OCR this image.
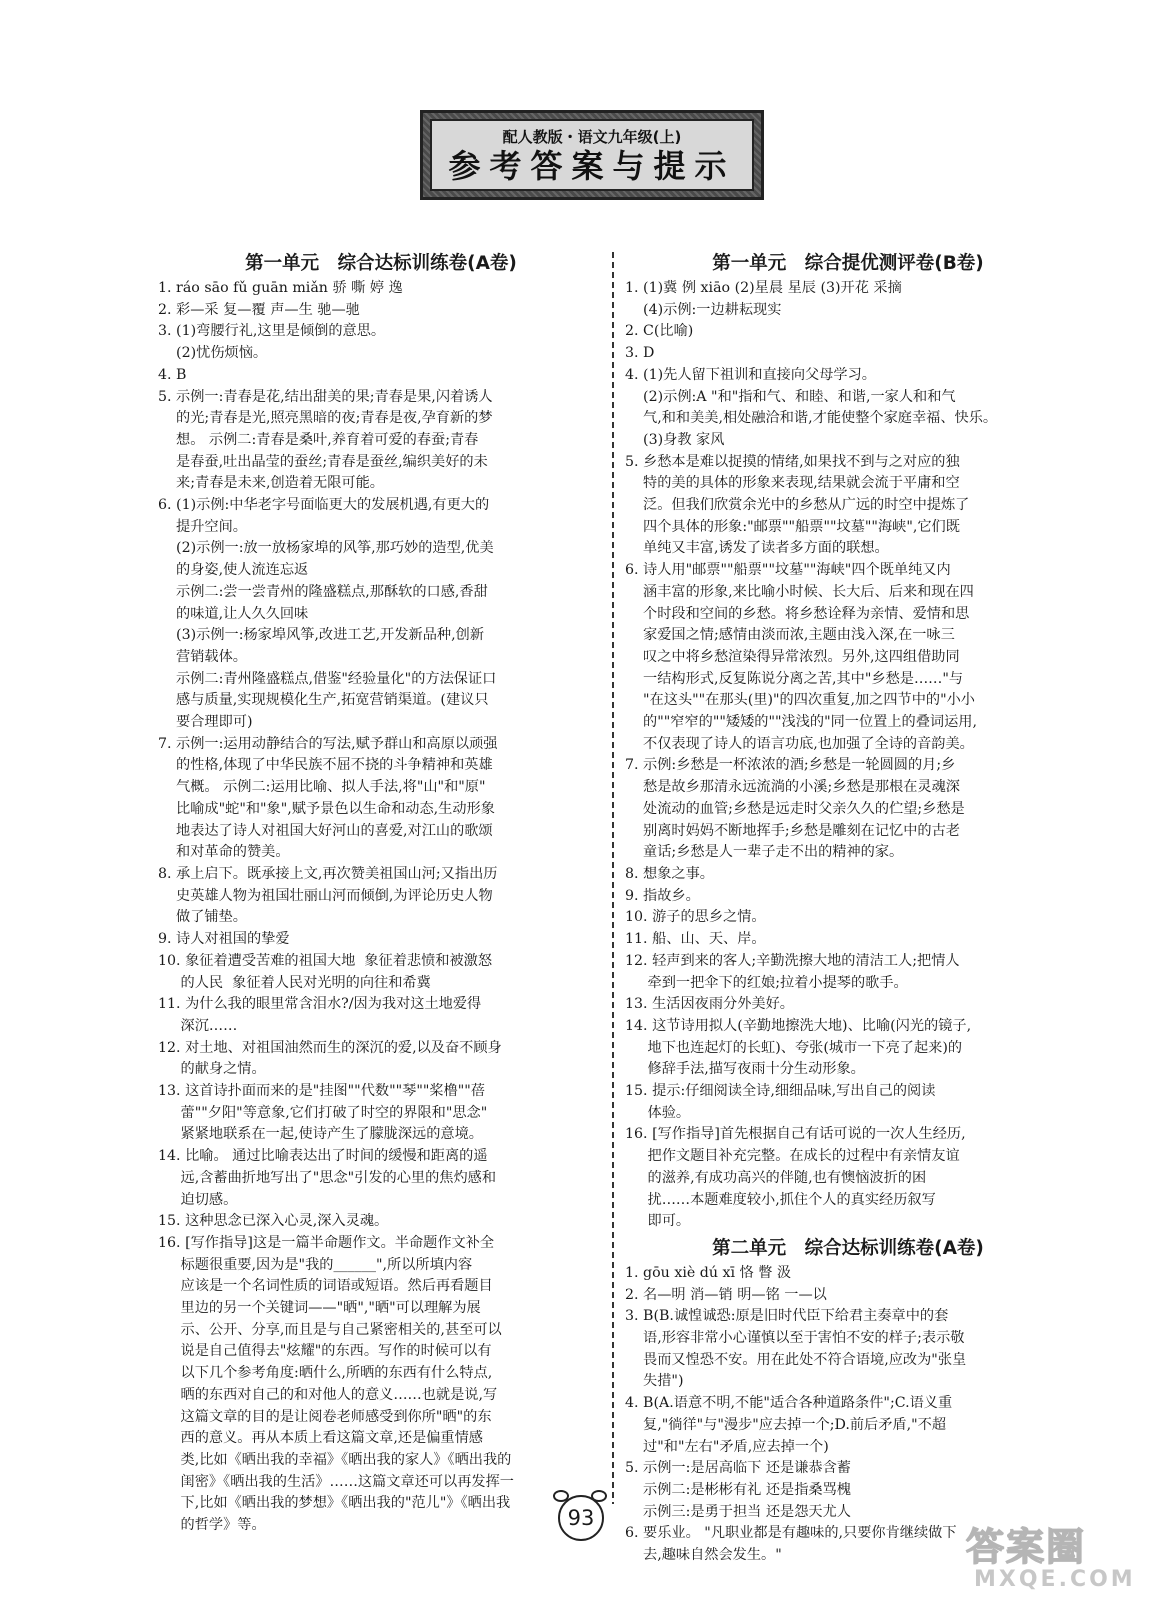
配人教版・语文九年级(上)
参考答案与提示
第一单元　综合达标训练卷(A卷)
1. ráo sāo fǔ guān miǎn 骄 嘶 婷 逸
2. 彩—采 复—覆 声—生 驰—驰
3. (1)弯腰行礼,这里是倾倒的意思。
(2)忧伤烦恼。
4. B
5. 示例一:青春是花,结出甜美的果;青春是果,闪着诱人
的光;青春是光,照亮黑暗的夜;青春是夜,孕育新的梦
想。 示例二:青春是桑叶,养育着可爱的春蚕;青春
是春蚕,吐出晶莹的蚕丝;青春是蚕丝,编织美好的未
来;青春是未来,创造着无限可能。
6. (1)示例:中华老字号面临更大的发展机遇,有更大的
提升空间。
(2)示例一:放一放杨家埠的风筝,那巧妙的造型,优美
的身姿,使人流连忘返
示例二:尝一尝青州的隆盛糕点,那酥软的口感,香甜
的味道,让人久久回味
(3)示例一:杨家埠风筝,改进工艺,开发新品种,创新
营销载体。
示例二:青州隆盛糕点,借鉴"经验量化"的方法保证口
感与质量,实现规模化生产,拓宽营销渠道。(建议只
要合理即可)
7. 示例一:运用动静结合的写法,赋予群山和高原以顽强
的性格,体现了中华民族不屈不挠的斗争精神和英雄
气概。 示例二:运用比喻、拟人手法,将"山"和"原"
比喻成"蛇"和"象",赋予景色以生命和动态,生动形象
地表达了诗人对祖国大好河山的喜爱,对江山的歌颂
和对革命的赞美。
8. 承上启下。既承接上文,再次赞美祖国山河;又指出历
史英雄人物为祖国壮丽山河而倾倒,为评论历史人物
做了铺垫。
9. 诗人对祖国的挚爱
10. 象征着遭受苦难的祖国大地  象征着悲愤和被激怒
的人民  象征着人民对光明的向往和希冀
11. 为什么我的眼里常含泪水?/因为我对这土地爱得
深沉……
12. 对土地、对祖国油然而生的深沉的爱,以及奋不顾身
的献身之情。
13. 这首诗扑面而来的是"挂图""代数""琴""桨橹""蓓
蕾""夕阳"等意象,它们打破了时空的界限和"思念"
紧紧地联系在一起,使诗产生了朦胧深远的意境。
14. 比喻。 通过比喻表达出了时间的缓慢和距离的遥
远,含蓄曲折地写出了"思念"引发的心里的焦灼感和
迫切感。
15. 这种思念已深入心灵,深入灵魂。
16. [写作指导]这是一篇半命题作文。半命题作文补全
标题很重要,因为是"我的______",所以所填内容
应该是一个名词性质的词语或短语。然后再看题目
里边的另一个关键词——"晒","晒"可以理解为展
示、公开、分享,而且是与自己紧密相关的,甚至可以
说是自己值得去"炫耀"的东西。写作的时候可以有
以下几个参考角度:晒什么,所晒的东西有什么特点,
晒的东西对自己的和对他人的意义……也就是说,写
这篇文章的目的是让阅卷老师感受到你所"晒"的东
西的意义。再从本质上看这篇文章,还是偏重情感
类,比如《晒出我的幸福》《晒出我的家人》《晒出我的
闺密》《晒出我的生活》……这篇文章还可以再发挥一
下,比如《晒出我的梦想》《晒出我的"范儿"》《晒出我
的哲学》等。
第一单元　综合提优测评卷(B卷)
1. (1)冀 例 xiāo (2)星晨 星辰 (3)开花 采摘
(4)示例:一边耕耘现实
2. C(比喻)
3. D
4. (1)先人留下祖训和直接向父母学习。
(2)示例:A "和"指和气、和睦、和谐,一家人和和气
气,和和美美,相处融洽和谐,才能使整个家庭幸福、快乐。
(3)身教 家风
5. 乡愁本是难以捉摸的情绪,如果找不到与之对应的独
特的美的具体的形象来表现,结果就会流于平庸和空
泛。但我们欣赏余光中的乡愁从广远的时空中提炼了
四个具体的形象:"邮票""船票""坟墓""海峡",它们既
单纯又丰富,诱发了读者多方面的联想。
6. 诗人用"邮票""船票""坟墓""海峡"四个既单纯又内
涵丰富的形象,来比喻小时候、长大后、后来和现在四
个时段和空间的乡愁。将乡愁诠释为亲情、爱情和思
家爱国之情;感情由淡而浓,主题由浅入深,在一咏三
叹之中将乡愁渲染得异常浓烈。另外,这四组借助同
一结构形式,反复陈说分离之苦,其中"乡愁是……"与
"在这头""在那头(里)"的四次重复,加之四节中的"小小
的""窄窄的""矮矮的""浅浅的"同一位置上的叠词运用,
不仅表现了诗人的语言功底,也加强了全诗的音韵美。
7. 示例:乡愁是一杯浓浓的酒;乡愁是一轮圆圆的月;乡
愁是故乡那清永远流淌的小溪;乡愁是那根在灵魂深
处流动的血管;乡愁是远走时父亲久久的伫望;乡愁是
别离时妈妈不断地挥手;乡愁是雕刻在记忆中的古老
童话;乡愁是人一辈子走不出的精神的家。
8. 想象之事。
9. 指故乡。
10. 游子的思乡之情。
11. 船、山、天、岸。
12. 轻声到来的客人;辛勤洗擦大地的清洁工人;把情人
牵到一把伞下的红娘;拉着小提琴的歌手。
13. 生活因夜雨分外美好。
14. 这节诗用拟人(辛勤地擦洗大地)、比喻(闪光的镜子,
地下也连起灯的长虹)、夸张(城市一下亮了起来)的
修辞手法,描写夜雨十分生动形象。
15. 提示:仔细阅读全诗,细细品味,写出自己的阅读
体验。
16. [写作指导]首先根据自己有话可说的一次人生经历,
把作文题目补充完整。在成长的过程中有亲情友谊
的滋养,有成功高兴的伴随,也有懊恼波折的困
扰……本题难度较小,抓住个人的真实经历叙写
即可。
第二单元　综合达标训练卷(A卷)
1. gōu xiè dú xī 恪 瞥 汲
2. 名—明 消—销 明—铭 一—以
3. B(B.诚惶诚恐:原是旧时代臣下给君主奏章中的套
语,形容非常小心谨慎以至于害怕不安的样子;表示敬
畏而又惶恐不安。用在此处不符合语境,应改为"张皇
失措")
4. B(A.语意不明,不能"适合各种道路条件";C.语义重
复,"徜徉"与"漫步"应去掉一个;D.前后矛盾,"不超
过"和"左右"矛盾,应去掉一个)
5. 示例一:是居高临下 还是谦恭含蓄
示例二:是彬彬有礼 还是指桑骂槐
示例三:是勇于担当 还是怨天尤人
6. 要乐业。 "凡职业都是有趣味的,只要你肯继续做下
去,趣味自然会发生。"
93
答案圈
MXQE.COM
